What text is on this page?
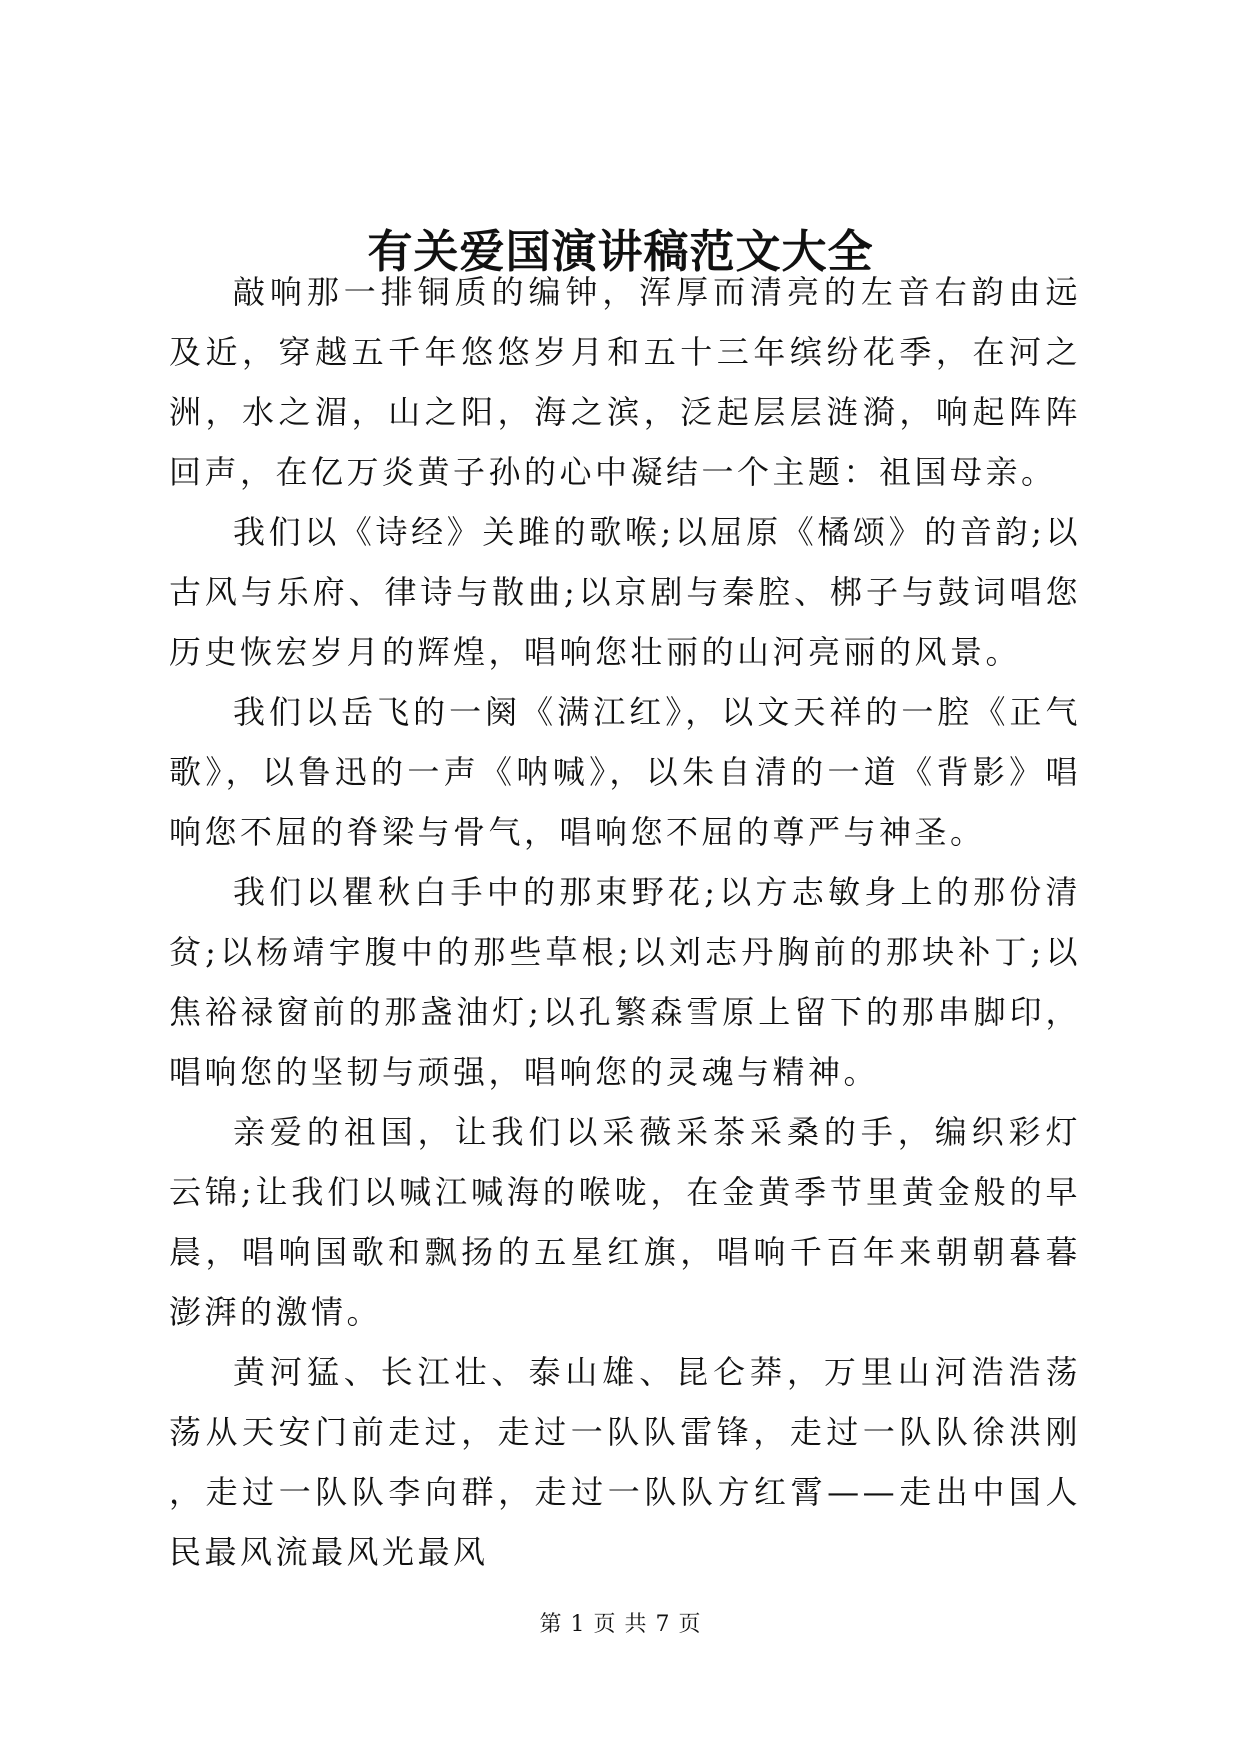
有关爱国演讲稿范文大全

敲响那一排铜质的编钟，浑厚而清亮的左音右韵由远及近，穿越五千年悠悠岁月和五十三年缤纷花季，在河之洲，水之湄，山之阳，海之滨，泛起层层涟漪，响起阵阵回声，在亿万炎黄子孙的心中凝结一个主题：祖国母亲。

我们以《诗经》关雎的歌喉;以屈原《橘颂》的音韵;以古风与乐府、律诗与散曲;以京剧与秦腔、梆子与鼓词唱您历史恢宏岁月的辉煌，唱响您壮丽的山河亮丽的风景。

我们以岳飞的一阕《满江红》，以文天祥的一腔《正气歌》，以鲁迅的一声《呐喊》，以朱自清的一道《背影》唱响您不屈的脊梁与骨气，唱响您不屈的尊严与神圣。

我们以瞿秋白手中的那束野花;以方志敏身上的那份清贫;以杨靖宇腹中的那些草根;以刘志丹胸前的那块补丁;以焦裕禄窗前的那盏油灯;以孔繁森雪原上留下的那串脚印，唱响您的坚韧与顽强，唱响您的灵魂与精神。

亲爱的祖国，让我们以采薇采茶采桑的手，编织彩灯云锦;让我们以喊江喊海的喉咙，在金黄季节里黄金般的早晨，唱响国歌和飘扬的五星红旗，唱响千百年来朝朝暮暮澎湃的激情。

黄河猛、长江壮、泰山雄、昆仑莽，万里山河浩浩荡荡从天安门前走过，走过一队队雷锋，走过一队队徐洪刚，走过一队队李向群，走过一队队方红霄——走出中国人民最风流最风光最风

第 1 页 共 7 页
